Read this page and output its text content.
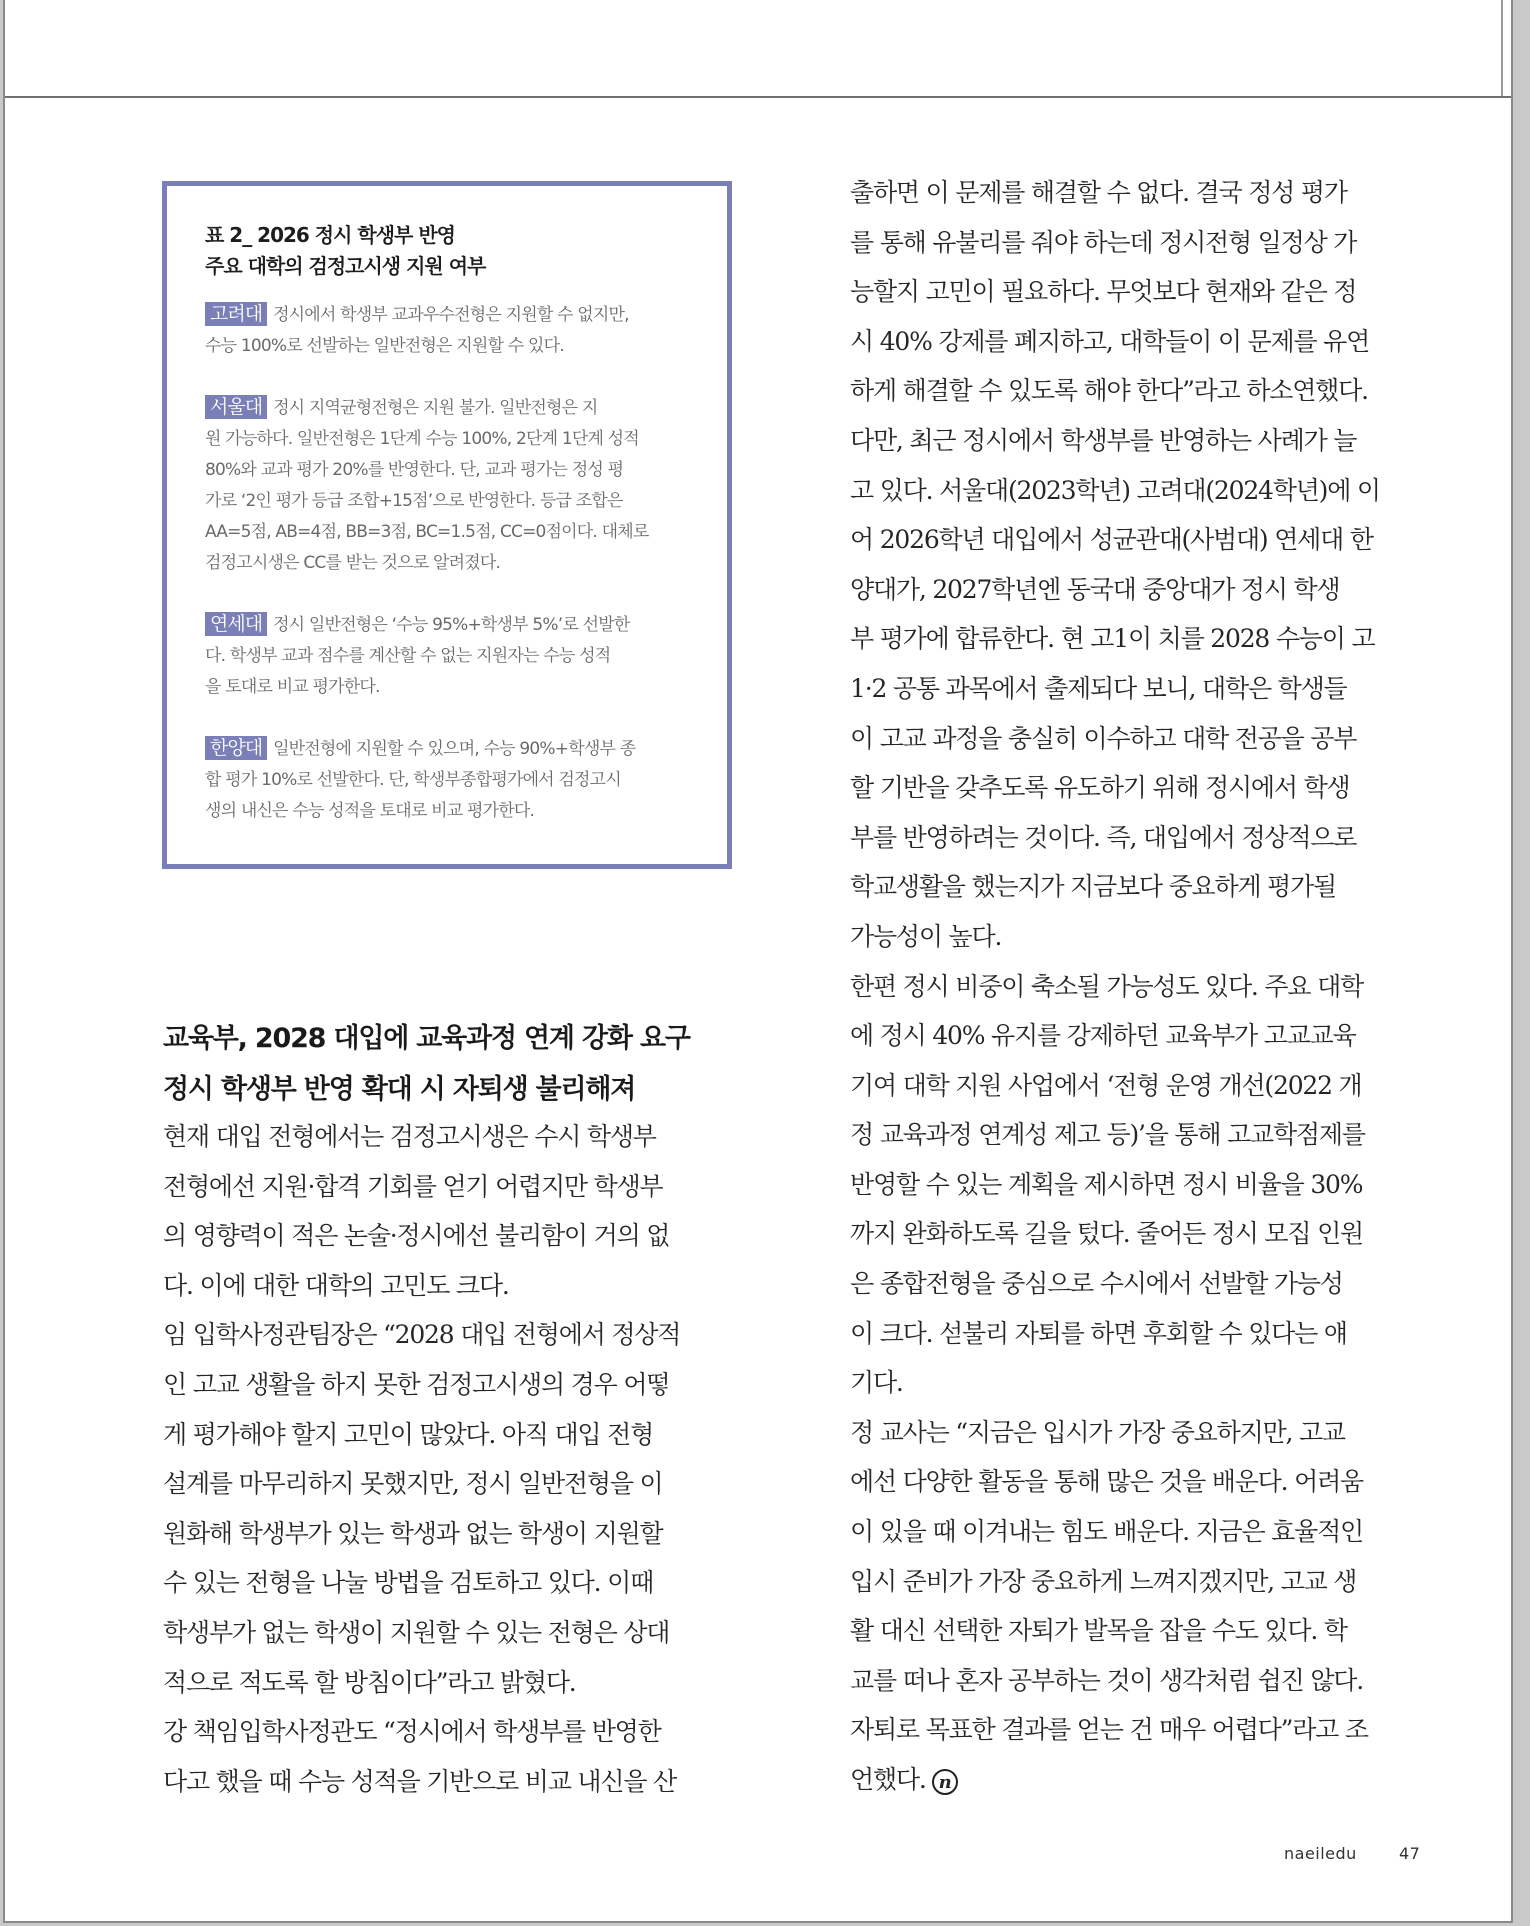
표 2_ 2026 정시 학생부 반영
주요 대학의 검정고시생 지원 여부
고려대 정시에서 학생부 교과우수전형은 지원할 수 없지만,
수능 100%로 선발하는 일반전형은 지원할 수 있다.
서울대 정시 지역균형전형은 지원 불가. 일반전형은 지
원 가능하다. 일반전형은 1단계 수능 100%, 2단계 1단계 성적
80%와 교과 평가 20%를 반영한다. 단, 교과 평가는 정성 평
가로 ‘2인 평가 등급 조합+15점’으로 반영한다. 등급 조합은
AA=5점, AB=4점, BB=3점, BC=1.5점, CC=0점이다. 대체로
검정고시생은 CC를 받는 것으로 알려졌다.
연세대 정시 일반전형은 ‘수능 95%+학생부 5%’로 선발한
다. 학생부 교과 점수를 계산할 수 없는 지원자는 수능 성적
을 토대로 비교 평가한다.
한양대 일반전형에 지원할 수 있으며, 수능 90%+학생부 종
합 평가 10%로 선발한다. 단, 학생부종합평가에서 검정고시
생의 내신은 수능 성적을 토대로 비교 평가한다.
교육부, 2028 대입에 교육과정 연계 강화 요구
정시 학생부 반영 확대 시 자퇴생 불리해져
현재 대입 전형에서는 검정고시생은 수시 학생부
전형에선 지원·합격 기회를 얻기 어렵지만 학생부
의 영향력이 적은 논술·정시에선 불리함이 거의 없
다. 이에 대한 대학의 고민도 크다.
임 입학사정관팀장은 “2028 대입 전형에서 정상적
인 고교 생활을 하지 못한 검정고시생의 경우 어떻
게 평가해야 할지 고민이 많았다. 아직 대입 전형
설계를 마무리하지 못했지만, 정시 일반전형을 이
원화해 학생부가 있는 학생과 없는 학생이 지원할
수 있는 전형을 나눌 방법을 검토하고 있다. 이때
학생부가 없는 학생이 지원할 수 있는 전형은 상대
적으로 적도록 할 방침이다”라고 밝혔다.
강 책임입학사정관도 “정시에서 학생부를 반영한
다고 했을 때 수능 성적을 기반으로 비교 내신을 산
출하면 이 문제를 해결할 수 없다. 결국 정성 평가
를 통해 유불리를 줘야 하는데 정시전형 일정상 가
능할지 고민이 필요하다. 무엇보다 현재와 같은 정
시 40% 강제를 폐지하고, 대학들이 이 문제를 유연
하게 해결할 수 있도록 해야 한다”라고 하소연했다.
다만, 최근 정시에서 학생부를 반영하는 사례가 늘
고 있다. 서울대(2023학년) 고려대(2024학년)에 이
어 2026학년 대입에서 성균관대(사범대) 연세대 한
양대가, 2027학년엔 동국대 중앙대가 정시 학생
부 평가에 합류한다. 현 고1이 치를 2028 수능이 고
1·2 공통 과목에서 출제되다 보니, 대학은 학생들
이 고교 과정을 충실히 이수하고 대학 전공을 공부
할 기반을 갖추도록 유도하기 위해 정시에서 학생
부를 반영하려는 것이다. 즉, 대입에서 정상적으로
학교생활을 했는지가 지금보다 중요하게 평가될
가능성이 높다.
한편 정시 비중이 축소될 가능성도 있다. 주요 대학
에 정시 40% 유지를 강제하던 교육부가 고교교육
기여 대학 지원 사업에서 ‘전형 운영 개선(2022 개
정 교육과정 연계성 제고 등)’을 통해 고교학점제를
반영할 수 있는 계획을 제시하면 정시 비율을 30%
까지 완화하도록 길을 텄다. 줄어든 정시 모집 인원
은 종합전형을 중심으로 수시에서 선발할 가능성
이 크다. 섣불리 자퇴를 하면 후회할 수 있다는 얘
기다.
정 교사는 “지금은 입시가 가장 중요하지만, 고교
에선 다양한 활동을 통해 많은 것을 배운다. 어려움
이 있을 때 이겨내는 힘도 배운다. 지금은 효율적인
입시 준비가 가장 중요하게 느껴지겠지만, 고교 생
활 대신 선택한 자퇴가 발목을 잡을 수도 있다. 학
교를 떠나 혼자 공부하는 것이 생각처럼 쉽진 않다.
자퇴로 목표한 결과를 얻는 건 매우 어렵다”라고 조
언했다. n
naeiledu	47
